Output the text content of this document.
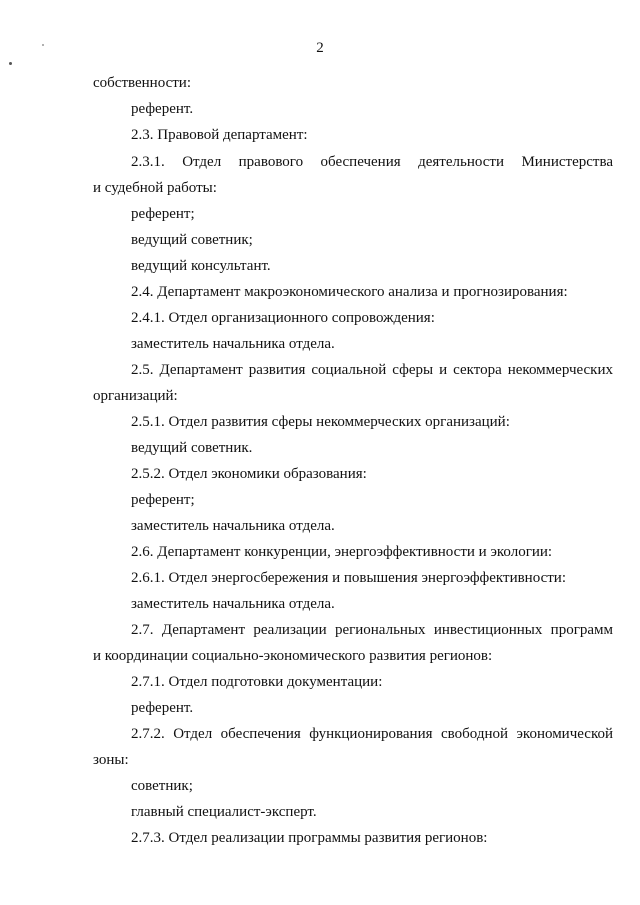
2
собственности:
референт.
2.3. Правовой департамент:
2.3.1. Отдел правового обеспечения деятельности Министерства
и судебной работы:
референт;
ведущий советник;
ведущий консультант.
2.4. Департамент макроэкономического анализа и прогнозирования:
2.4.1. Отдел организационного сопровождения:
заместитель начальника отдела.
2.5. Департамент развития социальной сферы и сектора некоммерческих
организаций:
2.5.1. Отдел развития сферы некоммерческих организаций:
ведущий советник.
2.5.2. Отдел экономики образования:
референт;
заместитель начальника отдела.
2.6. Департамент конкуренции, энергоэффективности и экологии:
2.6.1. Отдел энергосбережения и повышения энергоэффективности:
заместитель начальника отдела.
2.7. Департамент реализации региональных инвестиционных программ
и координации социально-экономического развития регионов:
2.7.1. Отдел подготовки документации:
референт.
2.7.2. Отдел обеспечения функционирования свободной экономической
зоны:
советник;
главный специалист-эксперт.
2.7.3. Отдел реализации программы развития регионов:
